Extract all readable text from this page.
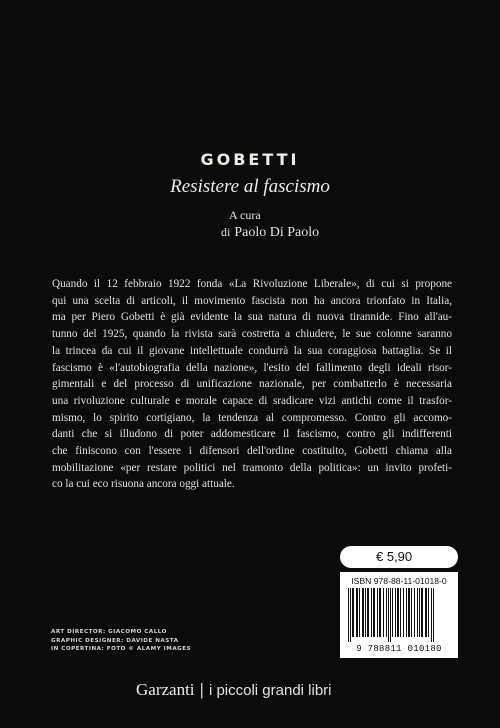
GOBETTI
Resistere al fascismo
A cura
di Paolo Di Paolo
Quando il 12 febbraio 1922 fonda «La Rivoluzione Liberale», di cui si propone
qui una scelta di articoli, il movimento fascista non ha ancora trionfato in Italia,
ma per Piero Gobetti è già evidente la sua natura di nuova tirannide. Fino all'au-
tunno del 1925, quando la rivista sarà costretta a chiudere, le sue colonne saranno
la trincea da cui il giovane intellettuale condurrà la sua coraggiosa battaglia. Se il
fascismo è «l'autobiografia della nazione», l'esito del fallimento degli ideali risor-
gimentali e del processo di unificazione nazionale, per combatterlo è necessaria
una rivoluzione culturale e morale capace di sradicare vizi antichi come il trasfor-
mismo, lo spirito cortigiano, la tendenza al compromesso. Contro gli accomo-
danti che si illudono di poter addomesticare il fascismo, contro gli indifferenti
che finiscono con l'essere i difensori dell'ordine costituito, Gobetti chiama alla
mobilitazione «per restare politici nel tramonto della politica»: un invito profeti-
co la cui eco risuona ancora oggi attuale.
€ 5,90
ISBN 978-88-11-01018-0
9 788811 010180
ART DIRECTOR: GIACOMO CALLO
GRAPHIC DESIGNER: DAVIDE NASTA
IN COPERTINA: FOTO © ALAMY IMAGES
Garzanti | i piccoli grandi libri
